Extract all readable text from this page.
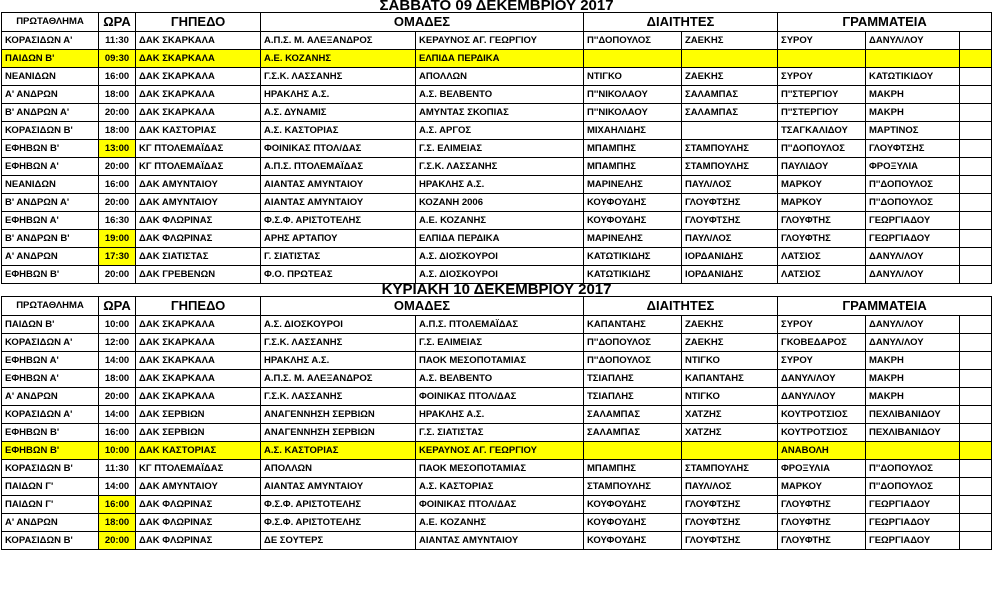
ΣΑΒΒΑΤΟ 09 ΔΕΚΕΜΒΡΙΟΥ 2017									
ΠΡΩΤΑΘΛΗΜΑ	ΩΡΑ	ΓΗΠΕΔΟ	ΟΜΑΔΕΣ		ΔΙΑΙΤΗΤΕΣ		ΓΡΑΜΜΑΤΕΙΑ		
ΚΟΡΑΣΙΔΩΝ Α'	11:30	ΔΑΚ ΣΚΑΡΚΑΛΑ	Α.Π.Σ. Μ. ΑΛΕΞΑΝΔΡΟΣ	ΚΕΡΑΥΝΟΣ ΑΓ. ΓΕΩΡΓΙΟΥ	Π''ΔΟΠΟΥΛΟΣ	ΖΑΕΚΗΣ	ΣΥΡΟΥ	ΔΑΝΥΛ/ΛΟΥ	
ΠΑΙΔΩΝ Β'	09:30	ΔΑΚ ΣΚΑΡΚΑΛΑ	Α.Ε. ΚΟΖΑΝΗΣ	ΕΛΠΙΔΑ ΠΕΡΔΙΚΑ					
ΝΕΑΝΙΔΩΝ	16:00	ΔΑΚ ΣΚΑΡΚΑΛΑ	Γ.Σ.Κ. ΛΑΣΣΑΝΗΣ	ΑΠΟΛΛΩΝ	ΝΤΙΓΚΟ	ΖΑΕΚΗΣ	ΣΥΡΟΥ	ΚΑΤΩΤΙΚΙΔΟΥ	
Α' ΑΝΔΡΩΝ	18:00	ΔΑΚ ΣΚΑΡΚΑΛΑ	ΗΡΑΚΛΗΣ Α.Σ.	Α.Σ. ΒΕΛΒΕΝΤΟ	Π''ΝΙΚΟΛΑΟΥ	ΣΑΛΑΜΠΑΣ	Π''ΣΤΕΡΓΙΟΥ	ΜΑΚΡΗ	
Β' ΑΝΔΡΩΝ Α'	20:00	ΔΑΚ ΣΚΑΡΚΑΛΑ	Α.Σ. ΔΥΝΑΜΙΣ	ΑΜΥΝΤΑΣ ΣΚΟΠΙΑΣ	Π''ΝΙΚΟΛΑΟΥ	ΣΑΛΑΜΠΑΣ	Π''ΣΤΕΡΓΙΟΥ	ΜΑΚΡΗ	
ΚΟΡΑΣΙΔΩΝ Β'	18:00	ΔΑΚ ΚΑΣΤΟΡΙΑΣ	Α.Σ. ΚΑΣΤΟΡΙΑΣ	Α.Σ. ΑΡΓΟΣ	ΜΙΧΑΗΛΙΔΗΣ		ΤΣΑΓΚΑΛΙΔΟΥ	ΜΑΡΤΙΝΟΣ	
ΕΦΗΒΩΝ Β'	13:00	ΚΓ ΠΤΟΛΕΜΑΪΔΑΣ	ΦΟΙΝΙΚΑΣ ΠΤΟΛ/ΔΑΣ	Γ.Σ. ΕΛΙΜΕΙΑΣ	ΜΠΑΜΠΗΣ	ΣΤΑΜΠΟΥΛΗΣ	Π''ΔΟΠΟΥΛΟΣ	ΓΛΟΥΦΤΣΗΣ	
ΕΦΗΒΩΝ Α'	20:00	ΚΓ ΠΤΟΛΕΜΑΪΔΑΣ	Α.Π.Σ. ΠΤΟΛΕΜΑΪΔΑΣ	Γ.Σ.Κ. ΛΑΣΣΑΝΗΣ	ΜΠΑΜΠΗΣ	ΣΤΑΜΠΟΥΛΗΣ	ΠΑΥΛΙΔΟΥ	ΦΡΟΞΥΛΙΑ	
ΝΕΑΝΙΔΩΝ	16:00	ΔΑΚ ΑΜΥΝΤΑΙΟΥ	ΑΙΑΝΤΑΣ ΑΜΥΝΤΑΙΟΥ	ΗΡΑΚΛΗΣ Α.Σ.	ΜΑΡΙΝΕΛΗΣ	ΠΑΥΛ/ΛΟΣ	ΜΑΡΚΟΥ	Π''ΔΟΠΟΥΛΟΣ	
Β' ΑΝΔΡΩΝ Α'	20:00	ΔΑΚ ΑΜΥΝΤΑΙΟΥ	ΑΙΑΝΤΑΣ ΑΜΥΝΤΑΙΟΥ	ΚΟΖΑΝΗ 2006	ΚΟΥΦΟΥΔΗΣ	ΓΛΟΥΦΤΣΗΣ	ΜΑΡΚΟΥ	Π''ΔΟΠΟΥΛΟΣ	
ΕΦΗΒΩΝ Α'	16:30	ΔΑΚ ΦΛΩΡΙΝΑΣ	Φ.Σ.Φ. ΑΡΙΣΤΟΤΕΛΗΣ	Α.Ε. ΚΟΖΑΝΗΣ	ΚΟΥΦΟΥΔΗΣ	ΓΛΟΥΦΤΣΗΣ	ΓΛΟΥΦΤΗΣ	ΓΕΩΡΓΙΑΔΟΥ	
Β' ΑΝΔΡΩΝ Β'	19:00	ΔΑΚ ΦΛΩΡΙΝΑΣ	ΑΡΗΣ ΑΡΤΑΠΟΥ	ΕΛΠΙΔΑ ΠΕΡΔΙΚΑ	ΜΑΡΙΝΕΛΗΣ	ΠΑΥΛ/ΛΟΣ	ΓΛΟΥΦΤΗΣ	ΓΕΩΡΓΙΑΔΟΥ	
Α' ΑΝΔΡΩΝ	17:30	ΔΑΚ ΣΙΑΤΙΣΤΑΣ	Γ. ΣΙΑΤΙΣΤΑΣ	Α.Σ. ΔΙΟΣΚΟΥΡΟΙ	ΚΑΤΩΤΙΚΙΔΗΣ	ΙΟΡΔΑΝΙΔΗΣ	ΛΑΤΣΙΟΣ	ΔΑΝΥΛ/ΛΟΥ	
ΕΦΗΒΩΝ Β'	20:00	ΔΑΚ ΓΡΕΒΕΝΩΝ	Φ.Ο. ΠΡΩΤΕΑΣ	Α.Σ. ΔΙΟΣΚΟΥΡΟΙ	ΚΑΤΩΤΙΚΙΔΗΣ	ΙΟΡΔΑΝΙΔΗΣ	ΛΑΤΣΙΟΣ	ΔΑΝΥΛ/ΛΟΥ	
ΚΥΡΙΑΚΗ 10 ΔΕΚΕΜΒΡΙΟΥ 2017									
ΠΡΩΤΑΘΛΗΜΑ	ΩΡΑ	ΓΗΠΕΔΟ	ΟΜΑΔΕΣ		ΔΙΑΙΤΗΤΕΣ		ΓΡΑΜΜΑΤΕΙΑ		
ΠΑΙΔΩΝ Β'	10:00	ΔΑΚ ΣΚΑΡΚΑΛΑ	Α.Σ. ΔΙΟΣΚΟΥΡΟΙ	Α.Π.Σ. ΠΤΟΛΕΜΑΪΔΑΣ	ΚΑΠΑΝΤΑΗΣ	ΖΑΕΚΗΣ	ΣΥΡΟΥ	ΔΑΝΥΛ/ΛΟΥ	
ΚΟΡΑΣΙΔΩΝ Α'	12:00	ΔΑΚ ΣΚΑΡΚΑΛΑ	Γ.Σ.Κ. ΛΑΣΣΑΝΗΣ	Γ.Σ. ΕΛΙΜΕΙΑΣ	Π''ΔΟΠΟΥΛΟΣ	ΖΑΕΚΗΣ	ΓΚΟΒΕΔΑΡΟΣ	ΔΑΝΥΛ/ΛΟΥ	
ΕΦΗΒΩΝ Α'	14:00	ΔΑΚ ΣΚΑΡΚΑΛΑ	ΗΡΑΚΛΗΣ Α.Σ.	ΠΑΟΚ ΜΕΣΟΠΟΤΑΜΙΑΣ	Π''ΔΟΠΟΥΛΟΣ	ΝΤΙΓΚΟ	ΣΥΡΟΥ	ΜΑΚΡΗ	
ΕΦΗΒΩΝ Α'	18:00	ΔΑΚ ΣΚΑΡΚΑΛΑ	Α.Π.Σ. Μ. ΑΛΕΞΑΝΔΡΟΣ	Α.Σ. ΒΕΛΒΕΝΤΟ	ΤΣΙΑΠΛΗΣ	ΚΑΠΑΝΤΑΗΣ	ΔΑΝΥΛ/ΛΟΥ	ΜΑΚΡΗ	
Α' ΑΝΔΡΩΝ	20:00	ΔΑΚ ΣΚΑΡΚΑΛΑ	Γ.Σ.Κ. ΛΑΣΣΑΝΗΣ	ΦΟΙΝΙΚΑΣ ΠΤΟΛ/ΔΑΣ	ΤΣΙΑΠΛΗΣ	ΝΤΙΓΚΟ	ΔΑΝΥΛ/ΛΟΥ	ΜΑΚΡΗ	
ΚΟΡΑΣΙΔΩΝ Α'	14:00	ΔΑΚ ΣΕΡΒΙΩΝ	ΑΝΑΓΕΝΝΗΣΗ ΣΕΡΒΙΩΝ	ΗΡΑΚΛΗΣ Α.Σ.	ΣΑΛΑΜΠΑΣ	ΧΑΤΖΗΣ	ΚΟΥΤΡΟΤΣΙΟΣ	ΠΕΧΛΙΒΑΝΙΔΟΥ	
ΕΦΗΒΩΝ Β'	16:00	ΔΑΚ ΣΕΡΒΙΩΝ	ΑΝΑΓΕΝΝΗΣΗ ΣΕΡΒΙΩΝ	Γ.Σ. ΣΙΑΤΙΣΤΑΣ	ΣΑΛΑΜΠΑΣ	ΧΑΤΖΗΣ	ΚΟΥΤΡΟΤΣΙΟΣ	ΠΕΧΛΙΒΑΝΙΔΟΥ	
ΕΦΗΒΩΝ Β'	10:00	ΔΑΚ ΚΑΣΤΟΡΙΑΣ	Α.Σ. ΚΑΣΤΟΡΙΑΣ	ΚΕΡΑΥΝΟΣ ΑΓ. ΓΕΩΡΓΙΟΥ			ΑΝΑΒΟΛΗ		
ΚΟΡΑΣΙΔΩΝ Β'	11:30	ΚΓ ΠΤΟΛΕΜΑΪΔΑΣ	ΑΠΟΛΛΩΝ	ΠΑΟΚ ΜΕΣΟΠΟΤΑΜΙΑΣ	ΜΠΑΜΠΗΣ	ΣΤΑΜΠΟΥΛΗΣ	ΦΡΟΞΥΛΙΑ	Π''ΔΟΠΟΥΛΟΣ	
ΠΑΙΔΩΝ Γ'	14:00	ΔΑΚ ΑΜΥΝΤΑΙΟΥ	ΑΙΑΝΤΑΣ ΑΜΥΝΤΑΙΟΥ	Α.Σ. ΚΑΣΤΟΡΙΑΣ	ΣΤΑΜΠΟΥΛΗΣ	ΠΑΥΛ/ΛΟΣ	ΜΑΡΚΟΥ	Π''ΔΟΠΟΥΛΟΣ	
ΠΑΙΔΩΝ Γ'	16:00	ΔΑΚ ΦΛΩΡΙΝΑΣ	Φ.Σ.Φ. ΑΡΙΣΤΟΤΕΛΗΣ	ΦΟΙΝΙΚΑΣ ΠΤΟΛ/ΔΑΣ	ΚΟΥΦΟΥΔΗΣ	ΓΛΟΥΦΤΣΗΣ	ΓΛΟΥΦΤΗΣ	ΓΕΩΡΓΙΑΔΟΥ	
Α' ΑΝΔΡΩΝ	18:00	ΔΑΚ ΦΛΩΡΙΝΑΣ	Φ.Σ.Φ. ΑΡΙΣΤΟΤΕΛΗΣ	Α.Ε. ΚΟΖΑΝΗΣ	ΚΟΥΦΟΥΔΗΣ	ΓΛΟΥΦΤΣΗΣ	ΓΛΟΥΦΤΗΣ	ΓΕΩΡΓΙΑΔΟΥ	
ΚΟΡΑΣΙΔΩΝ Β'	20:00	ΔΑΚ ΦΛΩΡΙΝΑΣ	ΔΕ ΣΟΥΤΕΡΣ	ΑΙΑΝΤΑΣ ΑΜΥΝΤΑΙΟΥ	ΚΟΥΦΟΥΔΗΣ	ΓΛΟΥΦΤΣΗΣ	ΓΛΟΥΦΤΗΣ	ΓΕΩΡΓΙΑΔΟΥ	
